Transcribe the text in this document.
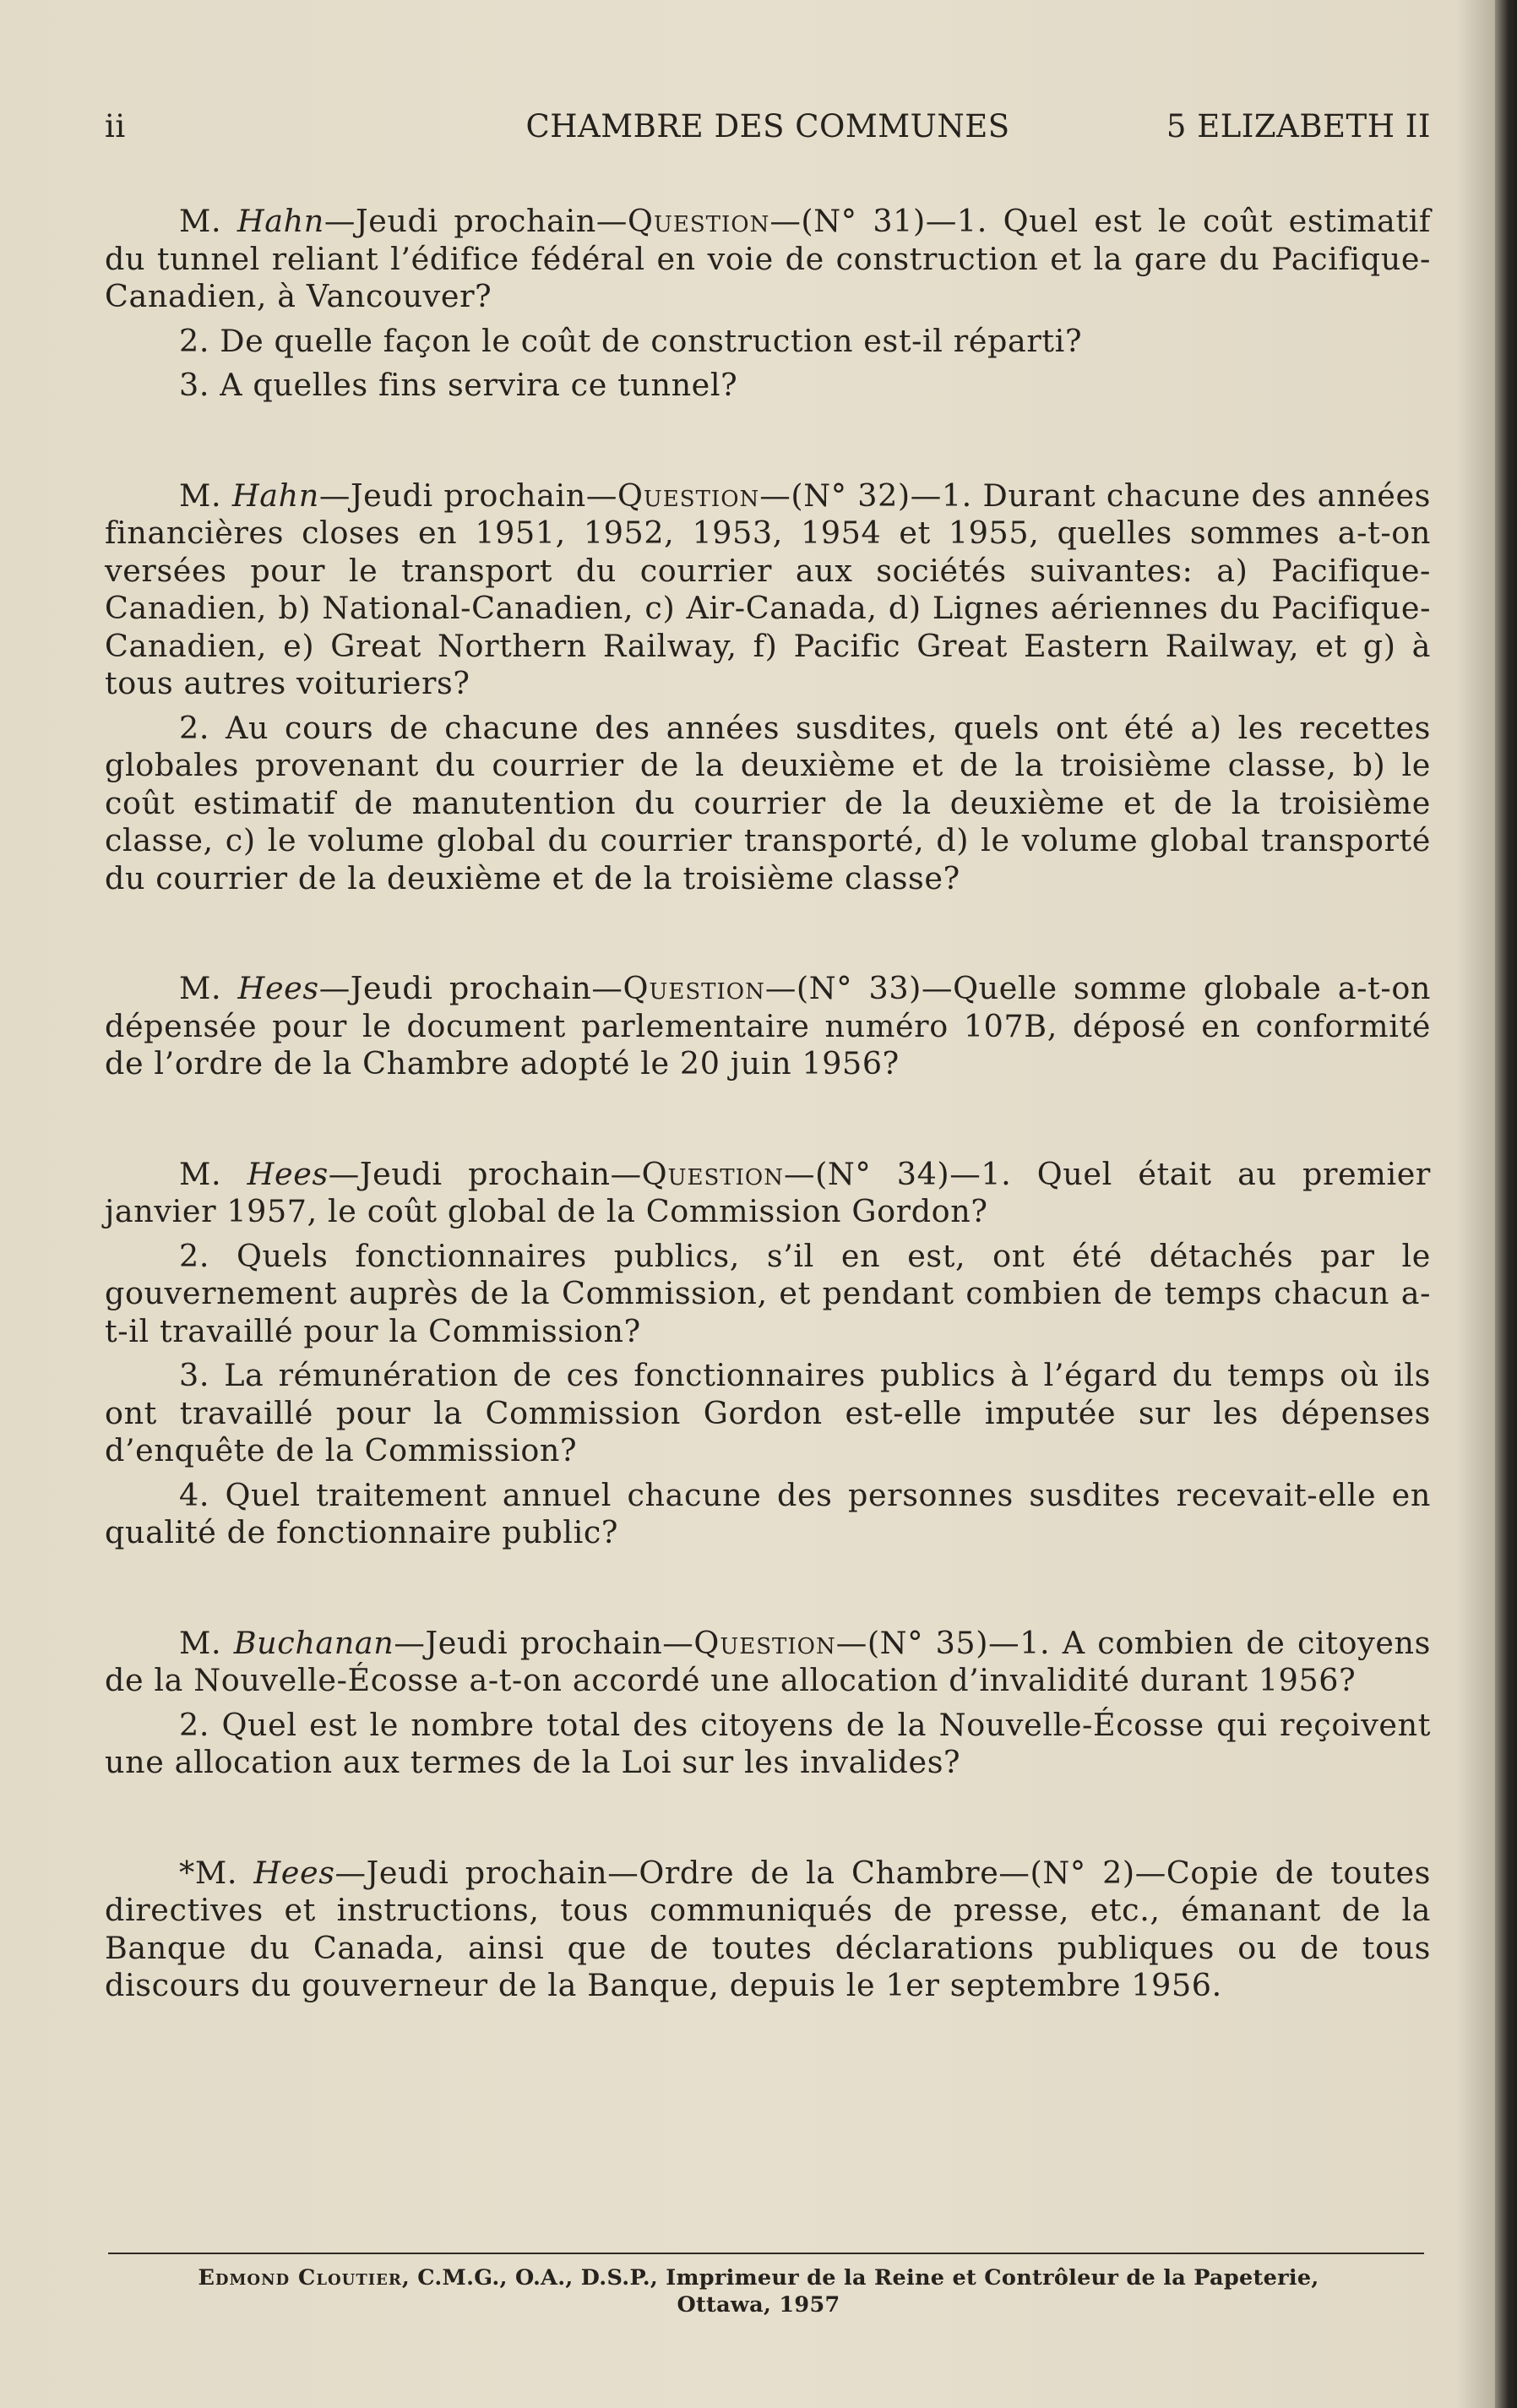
ii	CHAMBRE DES COMMUNES	5 ELIZABETH II

M. Hahn—Jeudi prochain—Question—(N° 31)—1. Quel est le coût estimatif du tunnel reliant l’édifice fédéral en voie de construction et la gare du Pacifique-Canadien, à Vancouver?

2. De quelle façon le coût de construction est-il réparti?

3. A quelles fins servira ce tunnel?

M. Hahn—Jeudi prochain—Question—(N° 32)—1. Durant chacune des années financières closes en 1951, 1952, 1953, 1954 et 1955, quelles sommes a-t-on versées pour le transport du courrier aux sociétés suivantes: a) Pacifique-Canadien, b) National-Canadien, c) Air-Canada, d) Lignes aériennes du Pacifique-Canadien, e) Great Northern Railway, f) Pacific Great Eastern Railway, et g) à tous autres voituriers?

2. Au cours de chacune des années susdites, quels ont été a) les recettes globales provenant du courrier de la deuxième et de la troisième classe, b) le coût estimatif de manutention du courrier de la deuxième et de la troisième classe, c) le volume global du courrier transporté, d) le volume global transporté du courrier de la deuxième et de la troisième classe?

M. Hees—Jeudi prochain—Question—(N° 33)—Quelle somme globale a-t-on dépensée pour le document parlementaire numéro 107B, déposé en conformité de l’ordre de la Chambre adopté le 20 juin 1956?

M. Hees—Jeudi prochain—Question—(N° 34)—1. Quel était au premier janvier 1957, le coût global de la Commission Gordon?

2. Quels fonctionnaires publics, s’il en est, ont été détachés par le gouvernement auprès de la Commission, et pendant combien de temps chacun a-t-il travaillé pour la Commission?

3. La rémunération de ces fonctionnaires publics à l’égard du temps où ils ont travaillé pour la Commission Gordon est-elle imputée sur les dépenses d’enquête de la Commission?

4. Quel traitement annuel chacune des personnes susdites recevait-elle en qualité de fonctionnaire public?

M. Buchanan—Jeudi prochain—Question—(N° 35)—1. A combien de citoyens de la Nouvelle-Écosse a-t-on accordé une allocation d’invalidité durant 1956?

2. Quel est le nombre total des citoyens de la Nouvelle-Écosse qui reçoivent une allocation aux termes de la Loi sur les invalides?

*M. Hees—Jeudi prochain—Ordre de la Chambre—(N° 2)—Copie de toutes directives et instructions, tous communiqués de presse, etc., émanant de la Banque du Canada, ainsi que de toutes déclarations publiques ou de tous discours du gouverneur de la Banque, depuis le 1er septembre 1956.

Edmond Cloutier, C.M.G., O.A., D.S.P., Imprimeur de la Reine et Contrôleur de la Papeterie,
Ottawa, 1957
